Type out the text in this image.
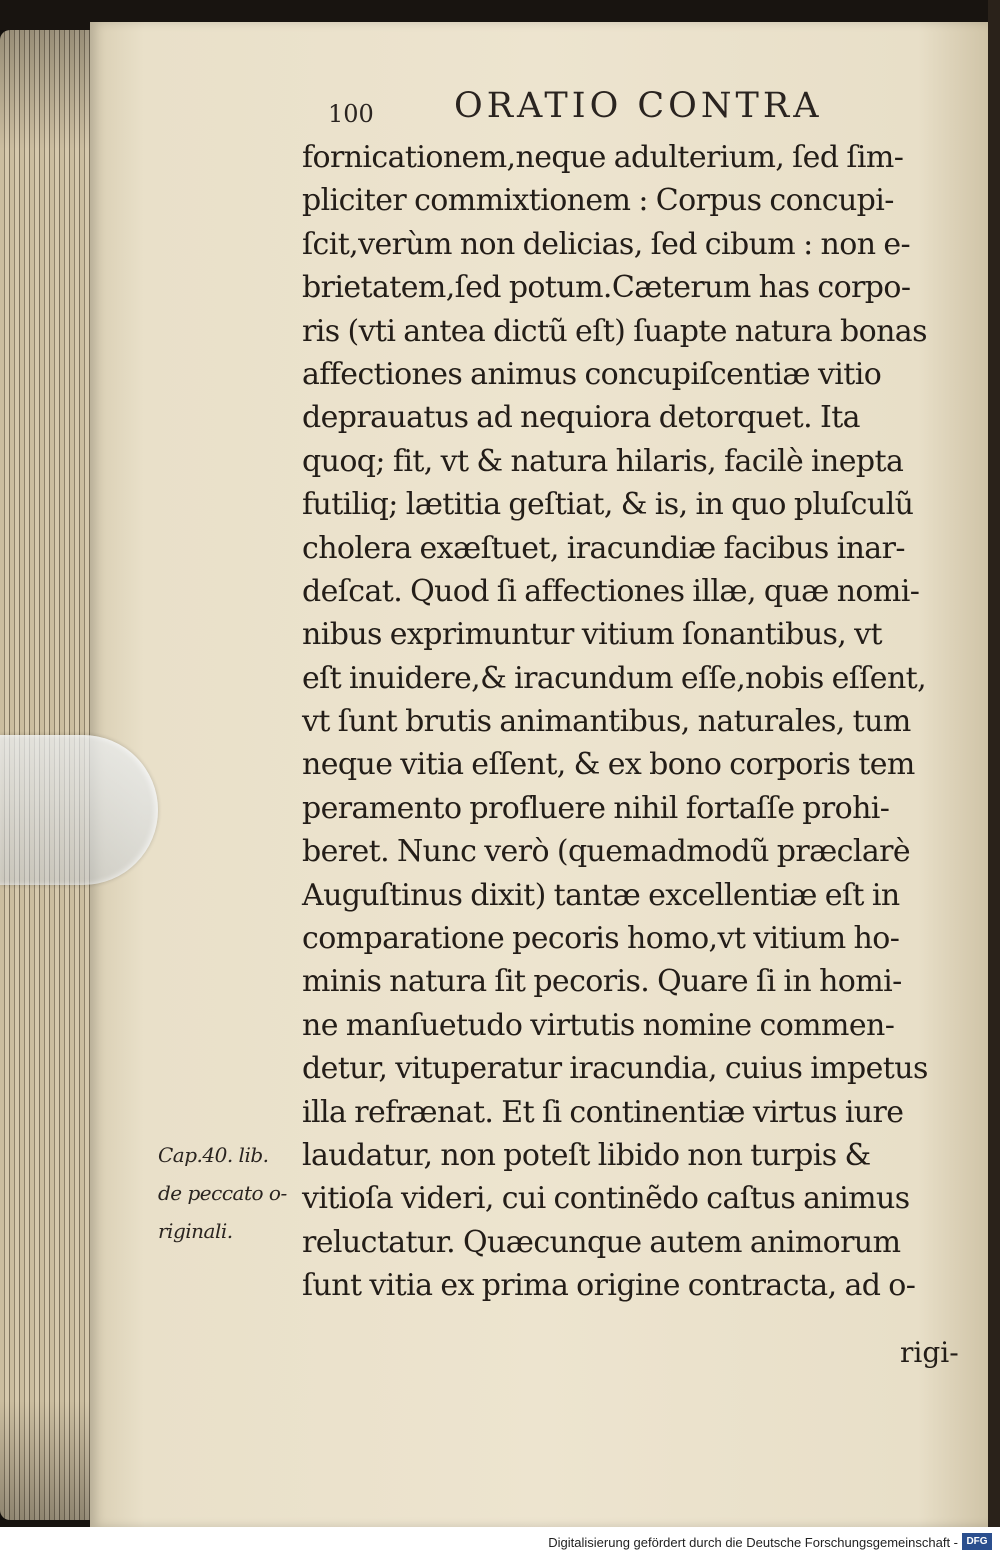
100 ORATIO CONTRA
fornicationem,neque adulterium, ſed ſim-
pliciter commixtionem : Corpus concupi-
ſcit,verùm non delicias, ſed cibum : non e-
brietatem,ſed potum.Cæterum has corpo-
ris (vti antea dictũ eſt) ſuapte natura bonas
affectiones animus concupiſcentiæ vitio
deprauatus ad nequiora detorquet. Ita
quoq; fit, vt & natura hilaris, facilè inepta
futiliq; lætitia geſtiat, & is, in quo pluſculũ
cholera exæſtuet, iracundiæ facibus inar-
deſcat. Quod ſi affectiones illæ, quæ nomi-
nibus exprimuntur vitium ſonantibus, vt
eſt inuidere,& iracundum eſſe,nobis eſſent,
vt ſunt brutis animantibus, naturales, tum
neque vitia eſſent, & ex bono corporis tem
peramento profluere nihil fortaſſe prohi-
beret. Nunc verò (quemadmodũ præclarè
Auguſtinus dixit) tantæ excellentiæ eſt in
comparatione pecoris homo,vt vitium ho-
minis natura ſit pecoris. Quare ſi in homi-
ne manſuetudo virtutis nomine commen-
detur, vituperatur iracundia, cuius impetus
illa refrænat. Et ſi continentiæ virtus iure
laudatur, non poteſt libido non turpis &
vitioſa videri, cui continẽdo caſtus animus
reluctatur. Quæcunque autem animorum
ſunt vitia ex prima origine contracta, ad o-
rigi-
Cap.40. lib.
de peccato o-
riginali.
Digitalisierung gefördert durch die Deutsche Forschungsgemeinschaft - DFG
